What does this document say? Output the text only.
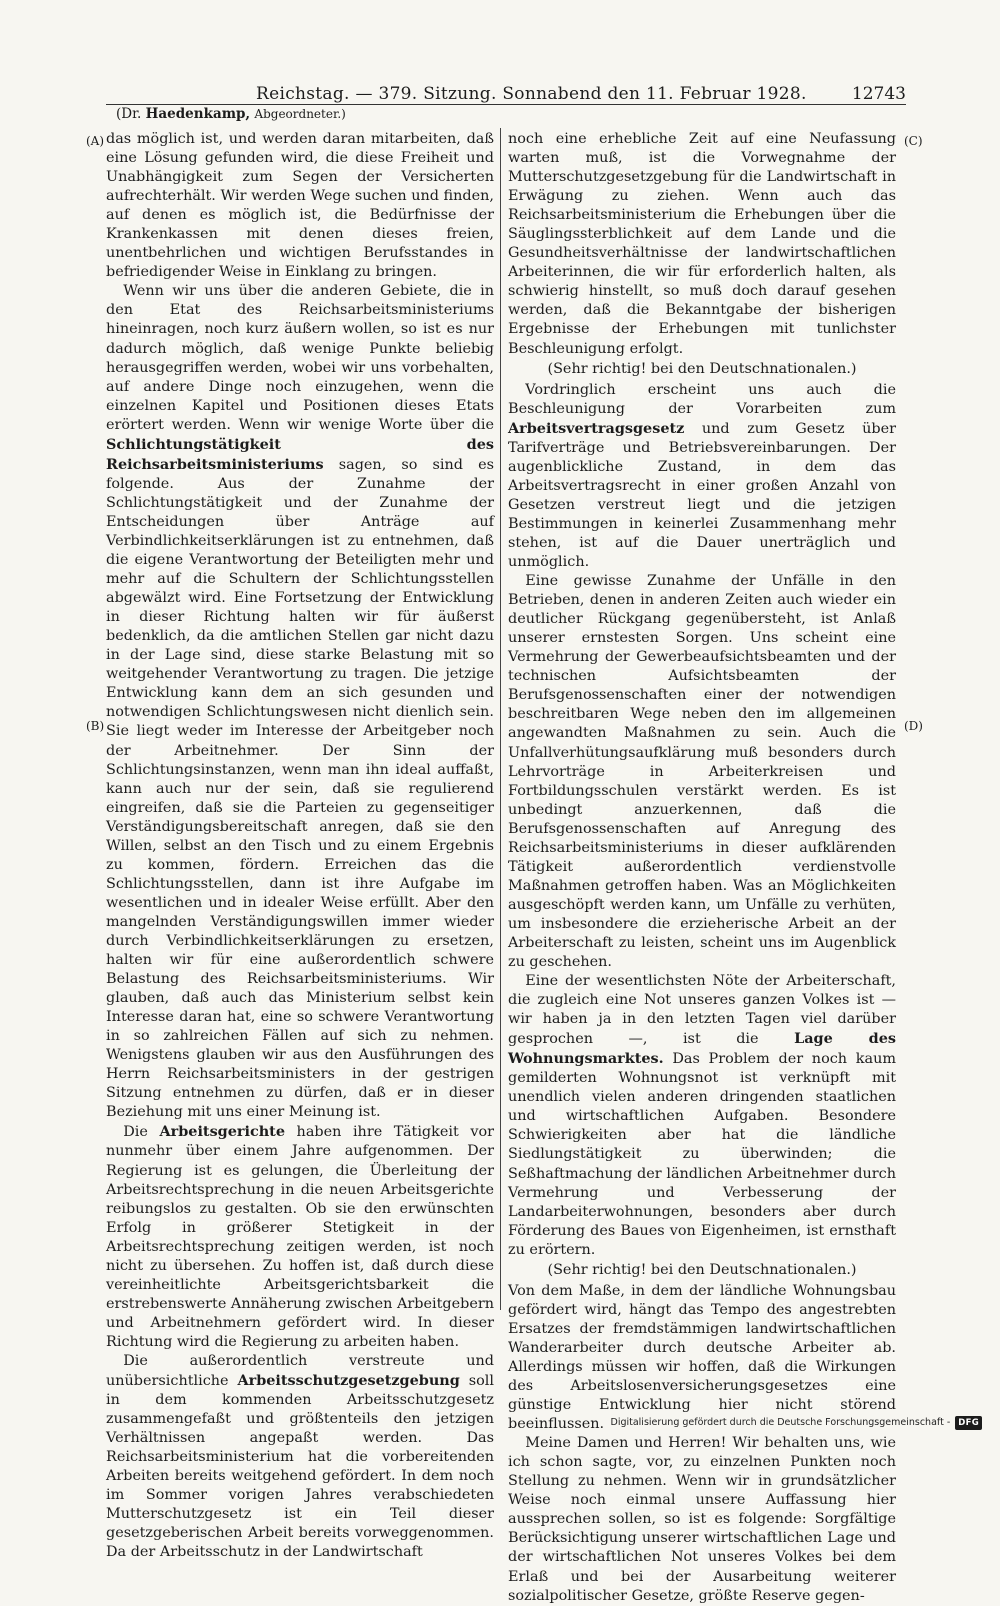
Reichstag. — 379. Sitzung. Sonnabend den 11. Februar 1928.	12743
(Dr. Haedenkamp, Abgeordneter.)
(A)
(B)
(C)
(D)

das möglich ist, und werden daran mitarbeiten, daß eine Lösung gefunden wird, die diese Freiheit und Unabhängigkeit zum Segen der Versicherten aufrechterhält. Wir werden Wege suchen und finden, auf denen es möglich ist, die Bedürfnisse der Krankenkassen mit denen dieses freien, unentbehrlichen und wichtigen Berufsstandes in befriedigender Weise in Einklang zu bringen.

Wenn wir uns über die anderen Gebiete, die in den Etat des Reichsarbeitsministeriums hineinragen, noch kurz äußern wollen, so ist es nur dadurch möglich, daß wenige Punkte beliebig herausgegriffen werden, wobei wir uns vorbehalten, auf andere Dinge noch einzugehen, wenn die einzelnen Kapitel und Positionen dieses Etats erörtert werden. Wenn wir wenige Worte über die Schlichtungstätigkeit des Reichsarbeitsministeriums sagen, so sind es folgende. Aus der Zunahme der Schlichtungstätigkeit und der Zunahme der Entscheidungen über Anträge auf Verbindlichkeitserklärungen ist zu entnehmen, daß die eigene Verantwortung der Beteiligten mehr und mehr auf die Schultern der Schlichtungsstellen abgewälzt wird. Eine Fortsetzung der Entwicklung in dieser Richtung halten wir für äußerst bedenklich, da die amtlichen Stellen gar nicht dazu in der Lage sind, diese starke Belastung mit so weitgehender Verantwortung zu tragen. Die jetzige Entwicklung kann dem an sich gesunden und notwendigen Schlichtungswesen nicht dienlich sein. Sie liegt weder im Interesse der Arbeitgeber noch der Arbeitnehmer. Der Sinn der Schlichtungsinstanzen, wenn man ihn ideal auffaßt, kann auch nur der sein, daß sie regulierend eingreifen, daß sie die Parteien zu gegenseitiger Verständigungsbereitschaft anregen, daß sie den Willen, selbst an den Tisch und zu einem Ergebnis zu kommen, fördern. Erreichen das die Schlichtungsstellen, dann ist ihre Aufgabe im wesentlichen und in idealer Weise erfüllt. Aber den mangelnden Verständigungswillen immer wieder durch Verbindlichkeitserklärungen zu ersetzen, halten wir für eine außerordentlich schwere Belastung des Reichsarbeitsministeriums. Wir glauben, daß auch das Ministerium selbst kein Interesse daran hat, eine so schwere Verantwortung in so zahlreichen Fällen auf sich zu nehmen. Wenigstens glauben wir aus den Ausführungen des Herrn Reichsarbeitsministers in der gestrigen Sitzung entnehmen zu dürfen, daß er in dieser Beziehung mit uns einer Meinung ist.

Die Arbeitsgerichte haben ihre Tätigkeit vor nunmehr über einem Jahre aufgenommen. Der Regierung ist es gelungen, die Überleitung der Arbeitsrechtsprechung in die neuen Arbeitsgerichte reibungslos zu gestalten. Ob sie den erwünschten Erfolg in größerer Stetigkeit in der Arbeitsrechtsprechung zeitigen werden, ist noch nicht zu übersehen. Zu hoffen ist, daß durch diese vereinheitlichte Arbeitsgerichtsbarkeit die erstrebenswerte Annäherung zwischen Arbeitgebern und Arbeitnehmern gefördert wird. In dieser Richtung wird die Regierung zu arbeiten haben.

Die außerordentlich verstreute und unübersichtliche Arbeitsschutzgesetzgebung soll in dem kommenden Arbeitsschutzgesetz zusammengefaßt und größtenteils den jetzigen Verhältnissen angepaßt werden. Das Reichsarbeitsministerium hat die vorbereitenden Arbeiten bereits weitgehend gefördert. In dem noch im Sommer vorigen Jahres verabschiedeten Mutterschutzgesetz ist ein Teil dieser gesetzgeberischen Arbeit bereits vorweggenommen. Da der Arbeitsschutz in der Landwirtschaft

noch eine erhebliche Zeit auf eine Neufassung warten muß, ist die Vorwegnahme der Mutterschutzgesetzgebung für die Landwirtschaft in Erwägung zu ziehen. Wenn auch das Reichsarbeitsministerium die Erhebungen über die Säuglingssterblichkeit auf dem Lande und die Gesundheitsverhältnisse der landwirtschaftlichen Arbeiterinnen, die wir für erforderlich halten, als schwierig hinstellt, so muß doch darauf gesehen werden, daß die Bekanntgabe der bisherigen Ergebnisse der Erhebungen mit tunlichster Beschleunigung erfolgt.

(Sehr richtig! bei den Deutschnationalen.)

Vordringlich erscheint uns auch die Beschleunigung der Vorarbeiten zum Arbeitsvertragsgesetz und zum Gesetz über Tarifverträge und Betriebsvereinbarungen. Der augenblickliche Zustand, in dem das Arbeitsvertragsrecht in einer großen Anzahl von Gesetzen verstreut liegt und die jetzigen Bestimmungen in keinerlei Zusammenhang mehr stehen, ist auf die Dauer unerträglich und unmöglich.

Eine gewisse Zunahme der Unfälle in den Betrieben, denen in anderen Zeiten auch wieder ein deutlicher Rückgang gegenübersteht, ist Anlaß unserer ernstesten Sorgen. Uns scheint eine Vermehrung der Gewerbeaufsichtsbeamten und der technischen Aufsichtsbeamten der Berufsgenossenschaften einer der notwendigen beschreitbaren Wege neben den im allgemeinen angewandten Maßnahmen zu sein. Auch die Unfallverhütungsaufklärung muß besonders durch Lehrvorträge in Arbeiterkreisen und Fortbildungsschulen verstärkt werden. Es ist unbedingt anzuerkennen, daß die Berufsgenossenschaften auf Anregung des Reichsarbeitsministeriums in dieser aufklärenden Tätigkeit außerordentlich verdienstvolle Maßnahmen getroffen haben. Was an Möglichkeiten ausgeschöpft werden kann, um Unfälle zu verhüten, um insbesondere die erzieherische Arbeit an der Arbeiterschaft zu leisten, scheint uns im Augenblick zu geschehen.

Eine der wesentlichsten Nöte der Arbeiterschaft, die zugleich eine Not unseres ganzen Volkes ist — wir haben ja in den letzten Tagen viel darüber gesprochen —, ist die Lage des Wohnungsmarktes. Das Problem der noch kaum gemilderten Wohnungsnot ist verknüpft mit unendlich vielen anderen dringenden staatlichen und wirtschaftlichen Aufgaben. Besondere Schwierigkeiten aber hat die ländliche Siedlungstätigkeit zu überwinden; die Seßhaftmachung der ländlichen Arbeitnehmer durch Vermehrung und Verbesserung der Landarbeiterwohnungen, besonders aber durch Förderung des Baues von Eigenheimen, ist ernsthaft zu erörtern.

(Sehr richtig! bei den Deutschnationalen.)

Von dem Maße, in dem der ländliche Wohnungsbau gefördert wird, hängt das Tempo des angestrebten Ersatzes der fremdstämmigen landwirtschaftlichen Wanderarbeiter durch deutsche Arbeiter ab. Allerdings müssen wir hoffen, daß die Wirkungen des Arbeitslosenversicherungsgesetzes eine günstige Entwicklung hier nicht störend beeinflussen.

Meine Damen und Herren! Wir behalten uns, wie ich schon sagte, vor, zu einzelnen Punkten noch Stellung zu nehmen. Wenn wir in grundsätzlicher Weise noch einmal unsere Auffassung hier aussprechen sollen, so ist es folgende: Sorgfältige Berücksichtigung unserer wirtschaftlichen Lage und der wirtschaftlichen Not unseres Volkes bei dem Erlaß und bei der Ausarbeitung weiterer sozialpolitischer Gesetze, größte Reserve gegen-

Digitalisierung gefördert durch die Deutsche Forschungsgemeinschaft - DFG
